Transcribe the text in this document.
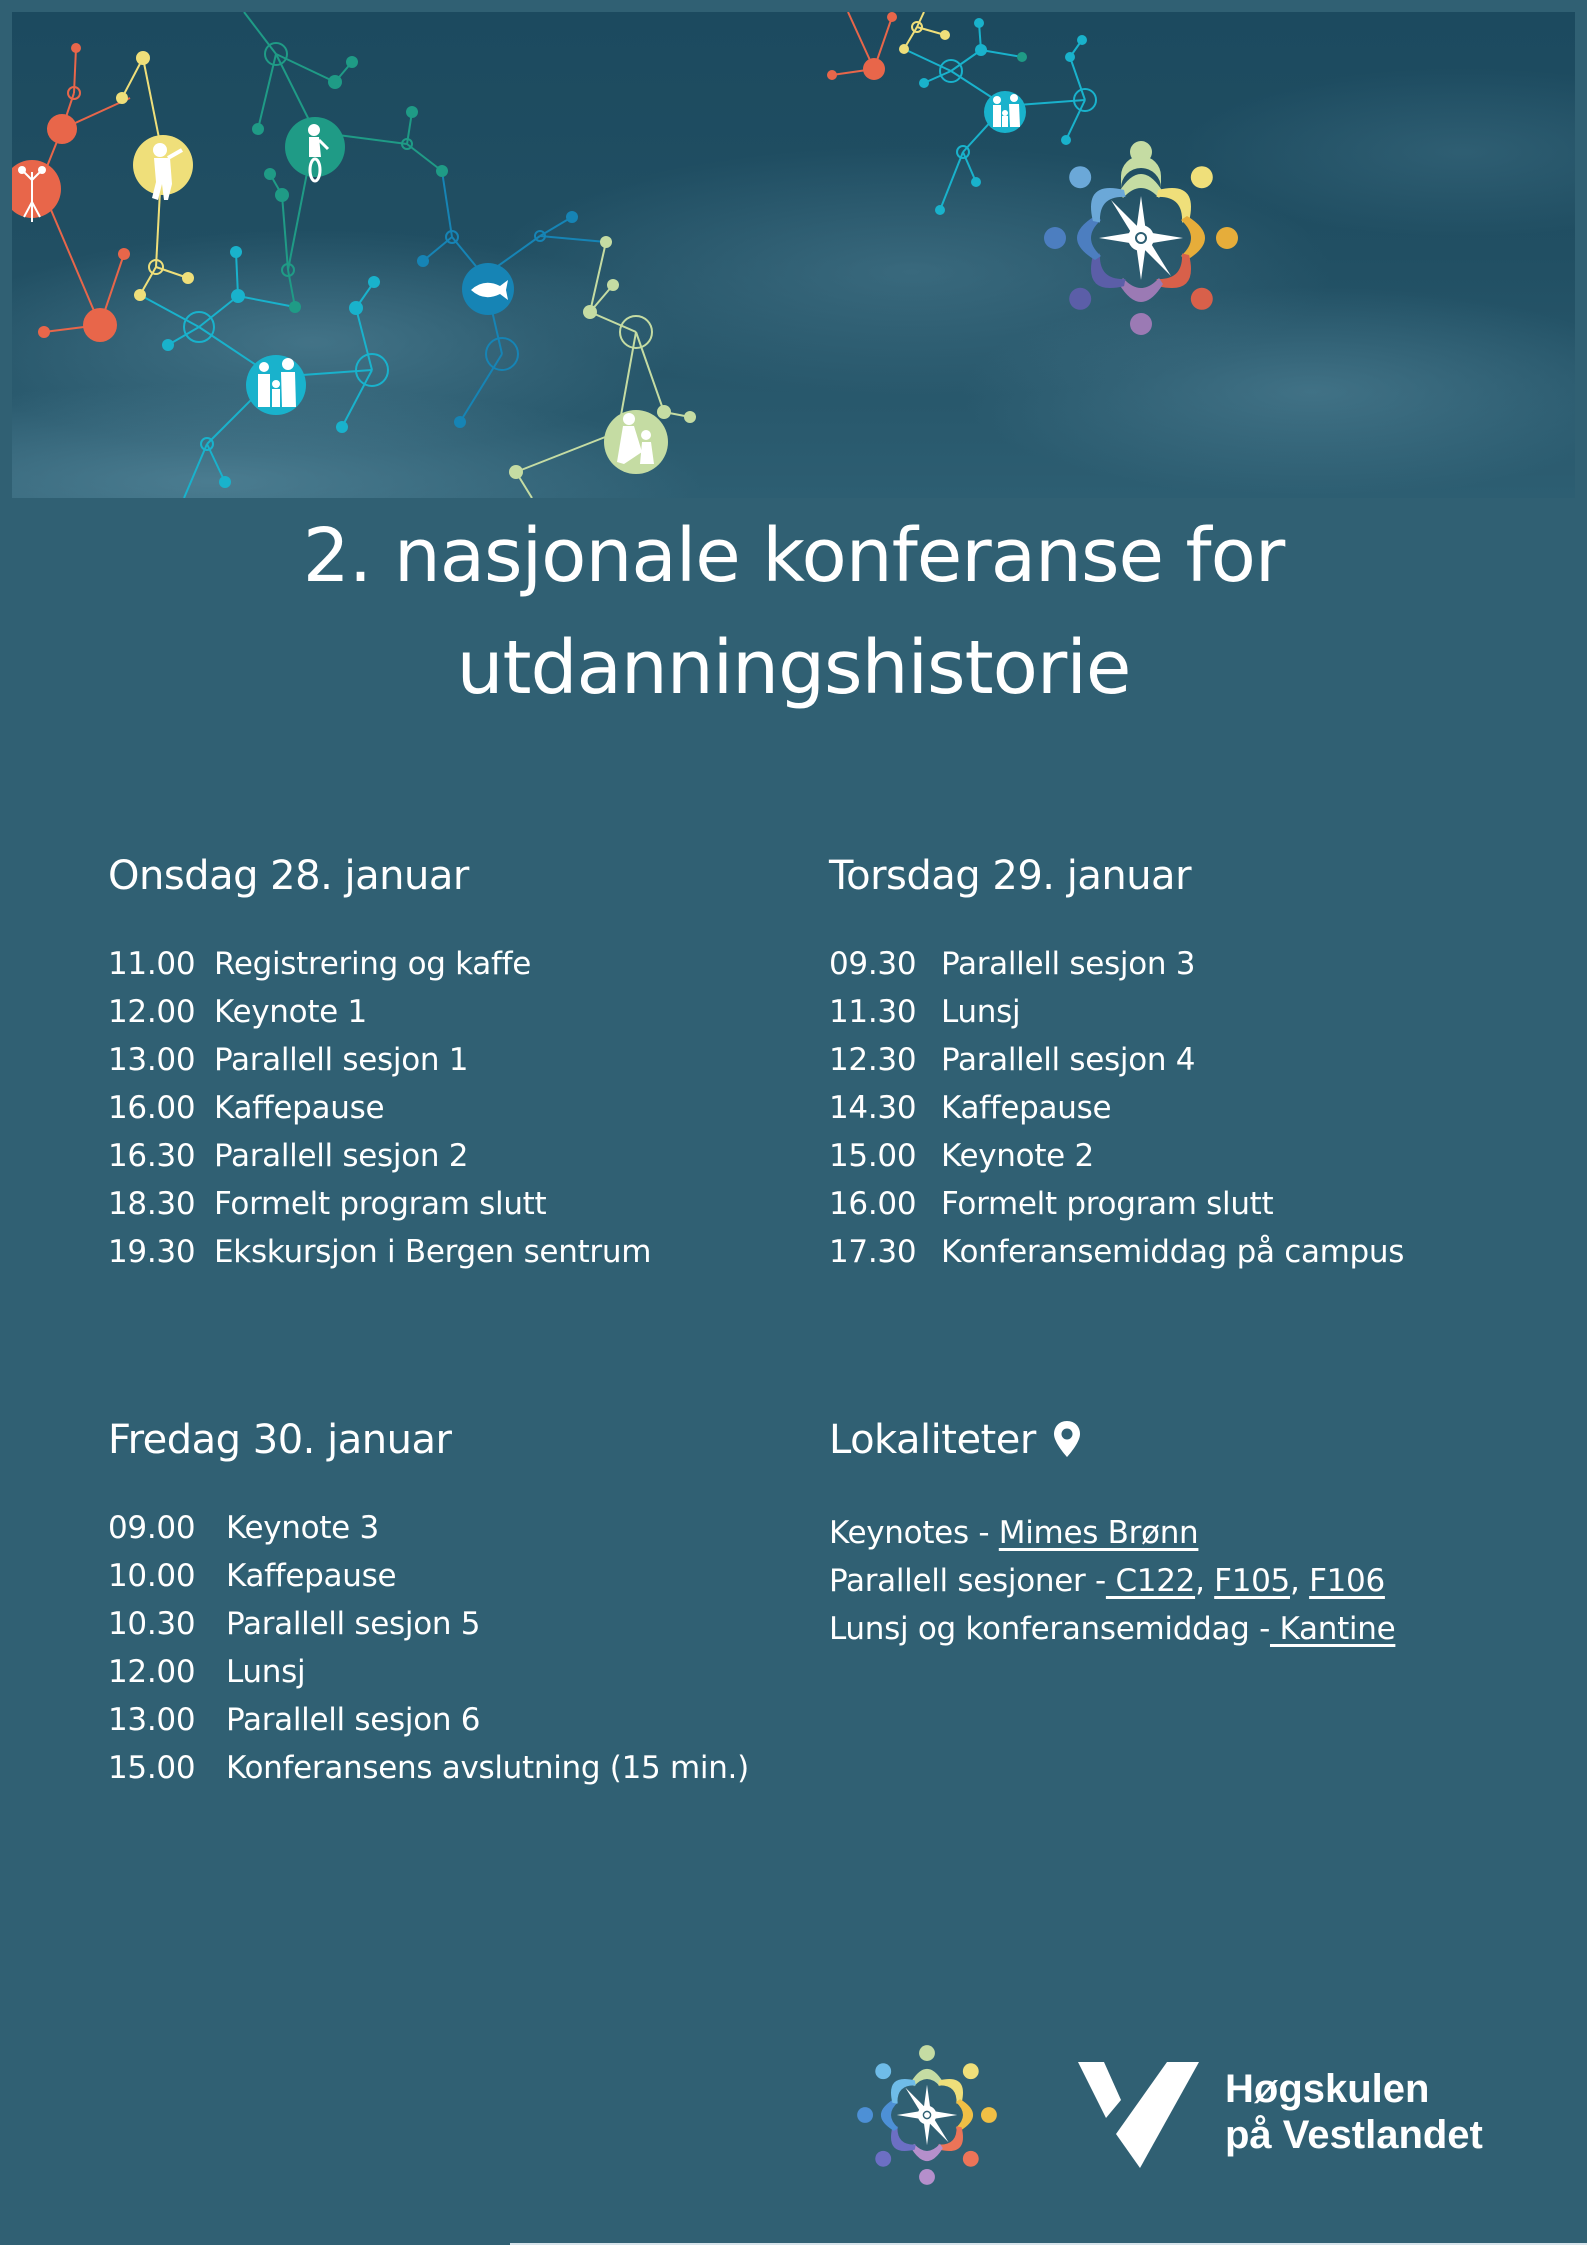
2. nasjonale konferanse for
utdanningshistorie
Onsdag 28. januar
11.00 Registrering og kaffe
12.00 Keynote 1
13.00 Parallell sesjon 1
16.00 Kaffepause
16.30 Parallell sesjon 2
18.30 Formelt program slutt
19.30 Ekskursjon i Bergen sentrum
Torsdag 29. januar
09.30 Parallell sesjon 3
11.30 Lunsj
12.30 Parallell sesjon 4
14.30 Kaffepause
15.00 Keynote 2
16.00 Formelt program slutt
17.30 Konferansemiddag på campus
Fredag 30. januar
09.00 Keynote 3
10.00 Kaffepause
10.30 Parallell sesjon 5
12.00 Lunsj
13.00 Parallell sesjon 6
15.00 Konferansens avslutning (15 min.)
Lokaliteter
Keynotes - Mimes Brønn
Parallell sesjoner - C122, F105, F106
Lunsj og konferansemiddag - Kantine
Høgskulen
på Vestlandet
